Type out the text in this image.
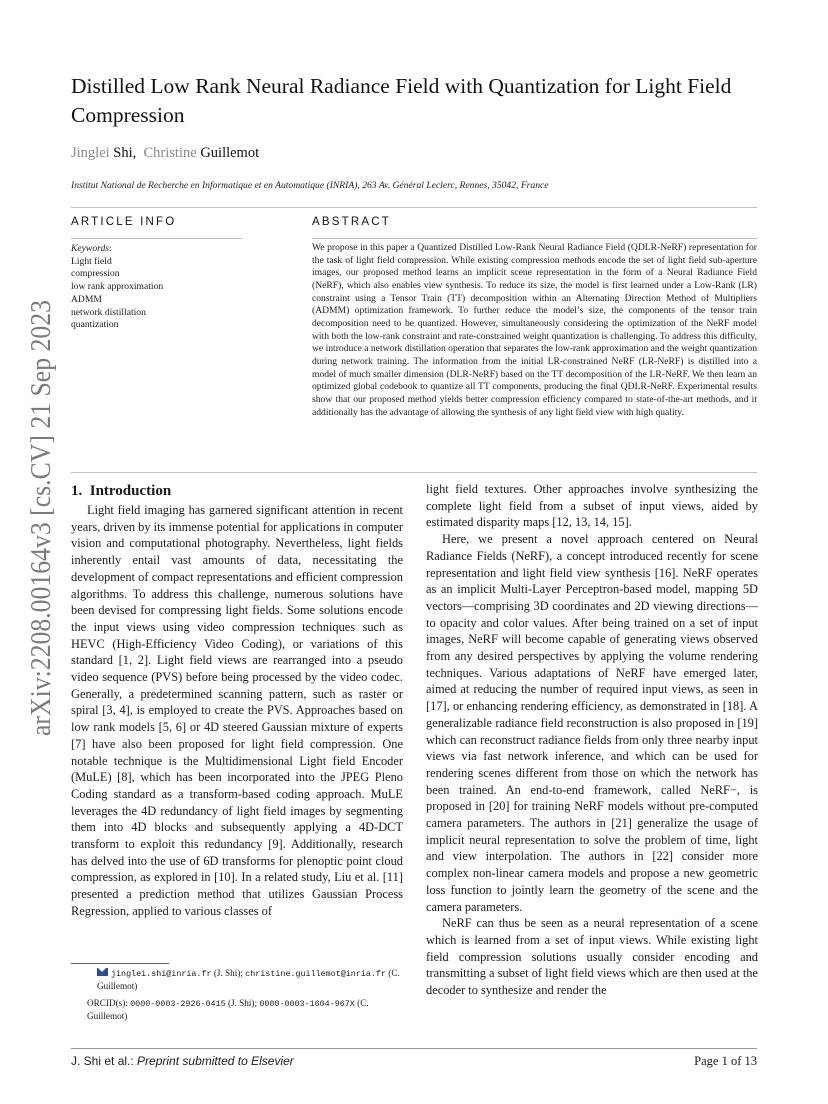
arXiv:2208.00164v3 [cs.CV] 21 Sep 2023
Distilled Low Rank Neural Radiance Field with Quantization for Light Field Compression
Jinglei Shi, Christine Guillemot
Institut National de Recherche en Informatique et en Automatique (INRIA), 263 Av. Général Leclerc, Rennes, 35042, France
ARTICLE INFO	ABSTRACT
Keywords:
Light field
compression
low rank approximation
ADMM
network distillation
quantization
We propose in this paper a Quantized Distilled Low-Rank Neural Radiance Field (QDLR-NeRF) representation for the task of light field compression. While existing compression methods encode the set of light field sub-aperture images, our proposed method learns an implicit scene representation in the form of a Neural Radiance Field (NeRF), which also enables view synthesis. To reduce its size, the model is first learned under a Low-Rank (LR) constraint using a Tensor Train (TT) decomposition within an Alternating Direction Method of Multipliers (ADMM) optimization framework. To further reduce the model’s size, the components of the tensor train decomposition need to be quantized. However, simultaneously considering the optimization of the NeRF model with both the low-rank constraint and rate-constrained weight quantization is challenging. To address this difficulty, we introduce a network distillation operation that separates the low-rank approximation and the weight quantization during network training. The information from the initial LR-constrained NeRF (LR-NeRF) is distilled into a model of much smaller dimension (DLR-NeRF) based on the TT decomposition of the LR-NeRF. We then learn an optimized global codebook to quantize all TT components, producing the final QDLR-NeRF. Experimental results show that our proposed method yields better compression efficiency compared to state-of-the-art methods, and it additionally has the advantage of allowing the synthesis of any light field view with high quality.
1. Introduction

Light field imaging has garnered significant attention in recent years, driven by its immense potential for applications in computer vision and computational photography. Nevertheless, light fields inherently entail vast amounts of data, necessitating the development of compact representations and efficient compression algorithms. To address this challenge, numerous solutions have been devised for compressing light fields. Some solutions encode the input views using video compression techniques such as HEVC (High-Efficiency Video Coding), or variations of this standard [1, 2]. Light field views are rearranged into a pseudo video sequence (PVS) before being processed by the video codec. Generally, a predetermined scanning pattern, such as raster or spiral [3, 4], is employed to create the PVS. Approaches based on low rank models [5, 6] or 4D steered Gaussian mixture of experts [7] have also been proposed for light field compression. One notable technique is the Multidimensional Light field Encoder (MuLE) [8], which has been incorporated into the JPEG Pleno Coding standard as a transform-based coding approach. MuLE leverages the 4D redundancy of light field images by segmenting them into 4D blocks and subsequently applying a 4D-DCT transform to exploit this redundancy [9]. Additionally, research has delved into the use of 6D transforms for plenoptic point cloud compression, as explored in [10]. In a related study, Liu et al. [11] presented a prediction method that utilizes Gaussian Process Regression, applied to various classes of

light field textures. Other approaches involve synthesizing the complete light field from a subset of input views, aided by estimated disparity maps [12, 13, 14, 15].

Here, we present a novel approach centered on Neural Radiance Fields (NeRF), a concept introduced recently for scene representation and light field view synthesis [16]. NeRF operates as an implicit Multi-Layer Perceptron-based model, mapping 5D vectors—comprising 3D coordinates and 2D viewing directions—to opacity and color values. After being trained on a set of input images, NeRF will become capable of generating views observed from any desired perspectives by applying the volume rendering techniques. Various adaptations of NeRF have emerged later, aimed at reducing the number of required input views, as seen in [17], or enhancing rendering efficiency, as demonstrated in [18]. A generalizable radiance field reconstruction is also proposed in [19] which can reconstruct radiance fields from only three nearby input views via fast network inference, and which can be used for rendering scenes different from those on which the network has been trained. An end-to-end framework, called NeRF−, is proposed in [20] for training NeRF models without pre-computed camera parameters. The authors in [21] generalize the usage of implicit neural representation to solve the problem of time, light and view interpolation. The authors in [22] consider more complex non-linear camera models and propose a new geometric loss function to jointly learn the geometry of the scene and the camera parameters.

NeRF can thus be seen as a neural representation of a scene which is learned from a set of input views. While existing light field compression solutions usually consider encoding and transmitting a subset of light field views which are then used at the decoder to synthesize and render the

jinglei.shi@inria.fr (J. Shi); christine.guillemot@inria.fr (C. Guillemot)
ORCID(s): 0000-0003-2926-0415 (J. Shi); 0000-0003-1604-967X (C. Guillemot)
J. Shi et al.: Preprint submitted to Elsevier	Page 1 of 13
